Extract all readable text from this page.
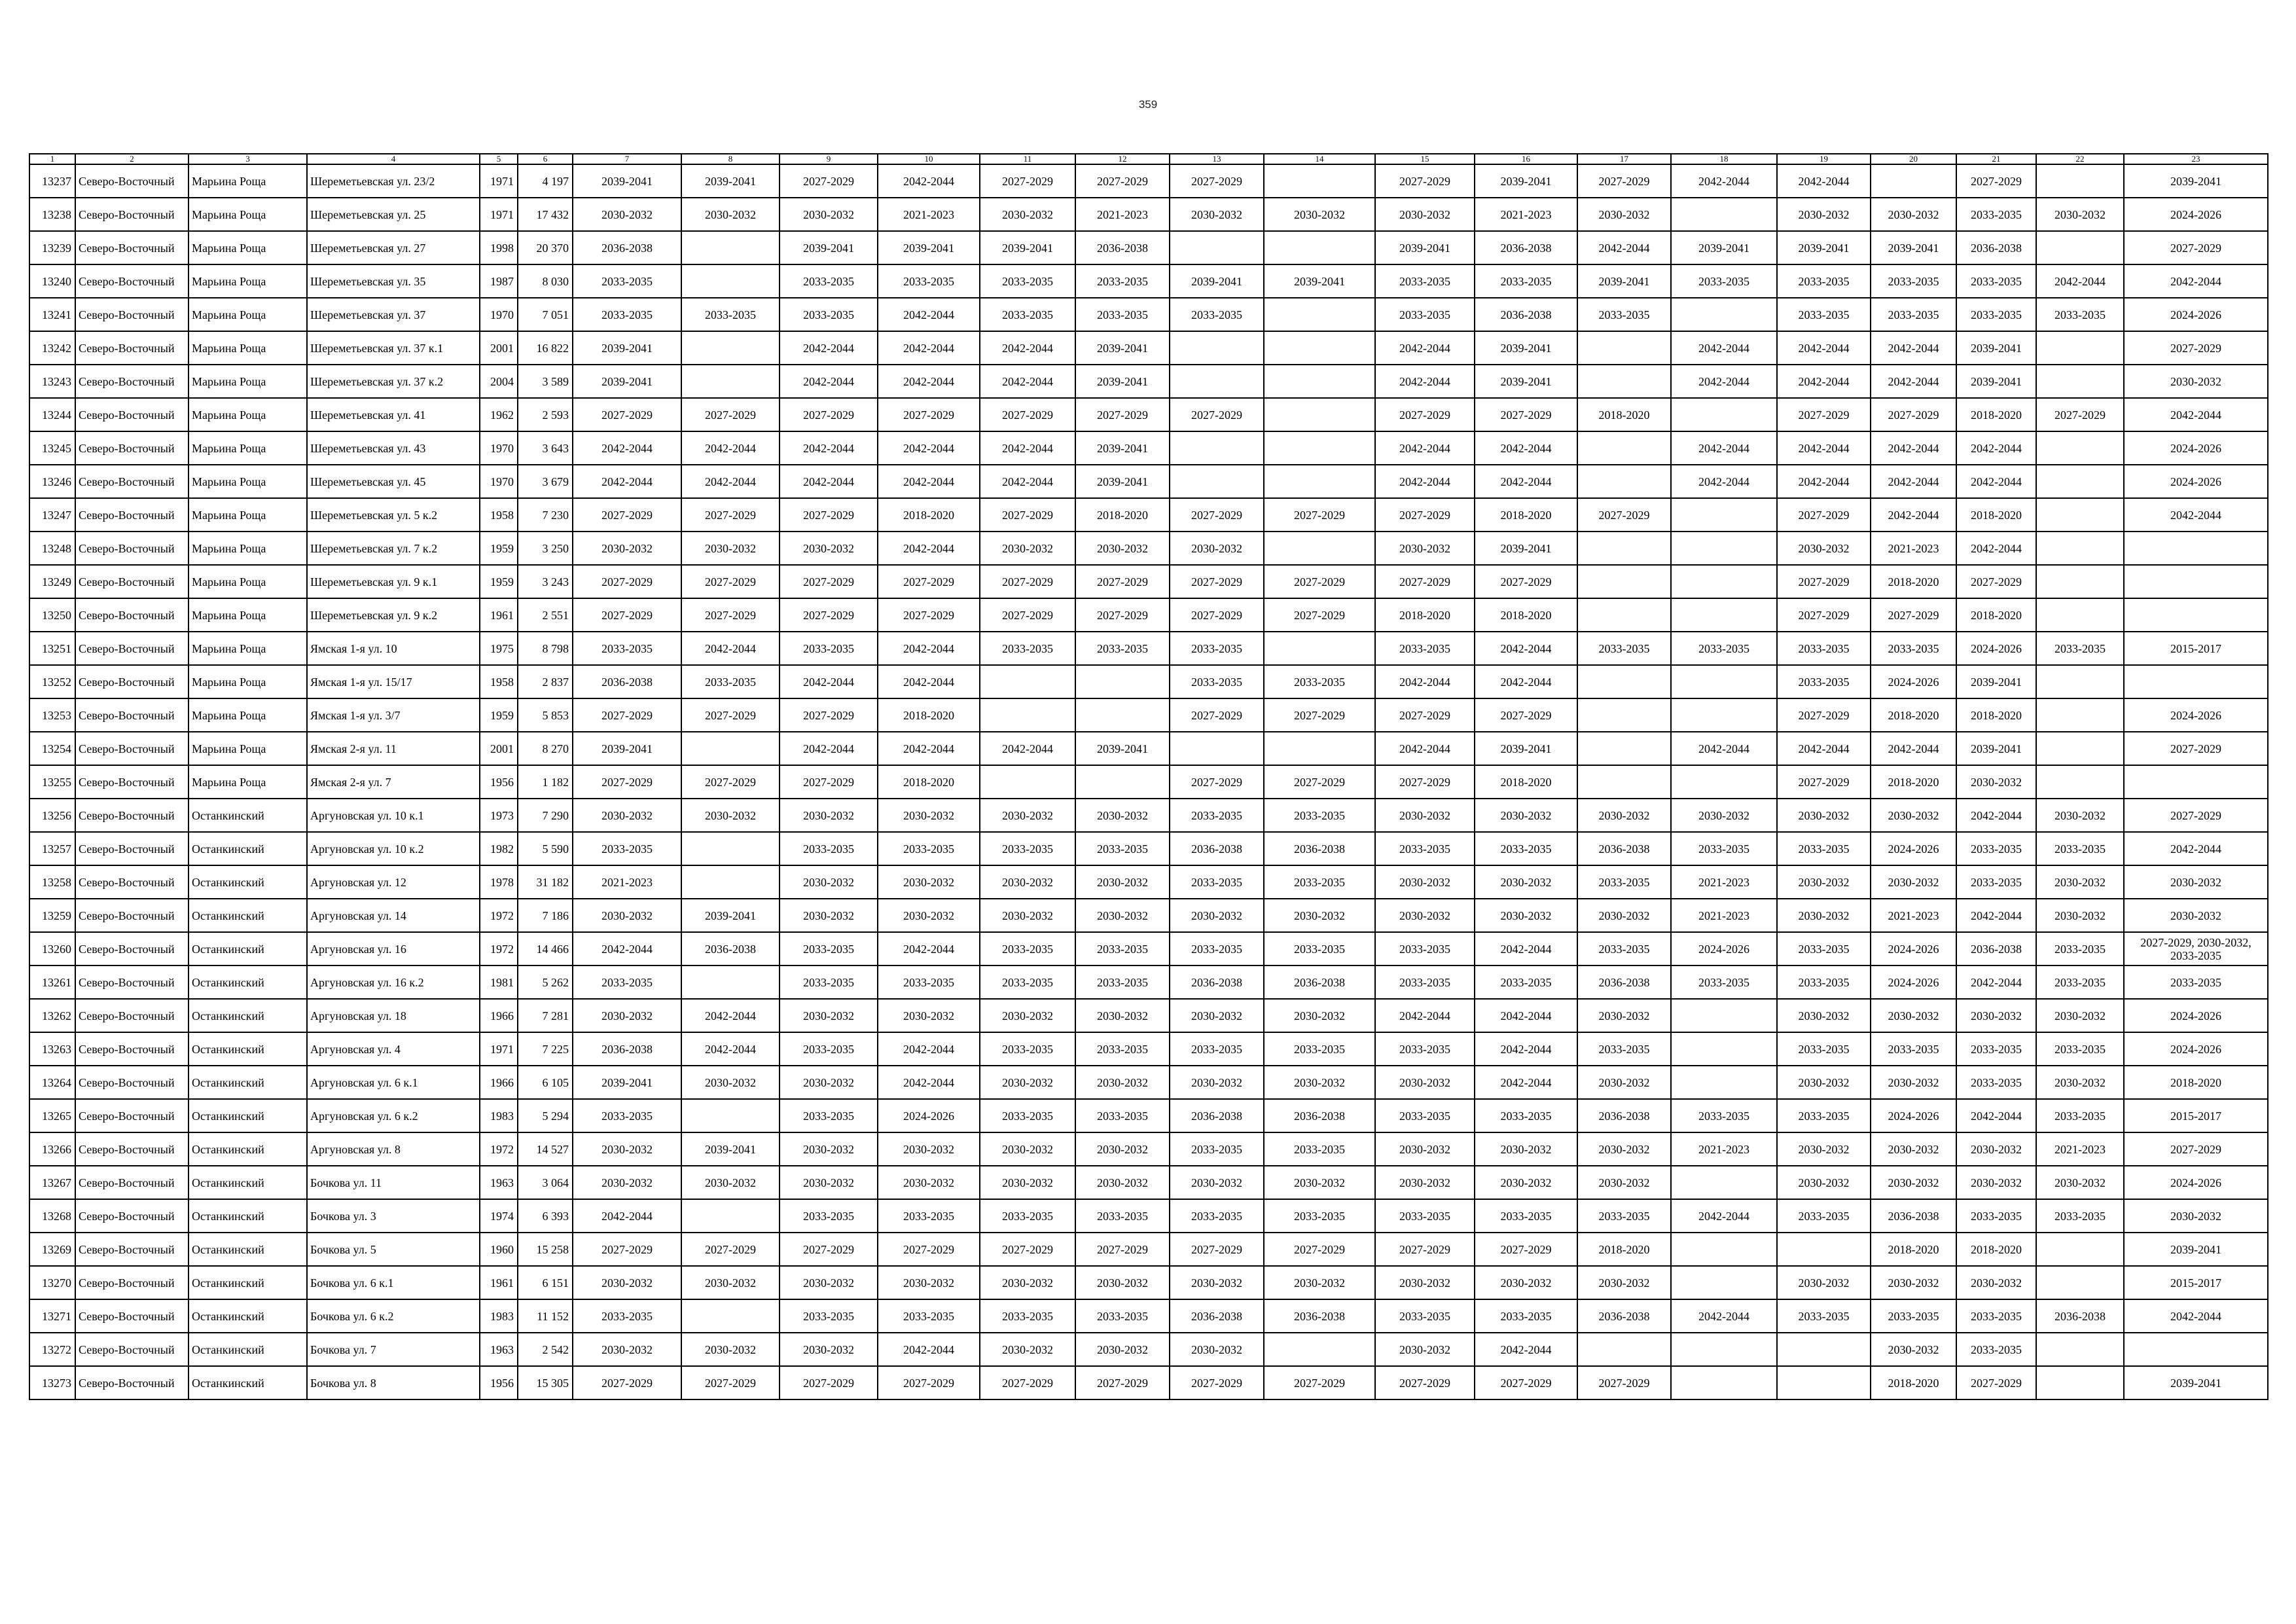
359
1	2	3	4	5	6	7	8	9	10	11	12	13	14	15	16	17	18	19	20	21	22	23
13237	Северо-Восточный	Марьина Роща	Шереметьевская ул. 23/2	1971	4 197	2039-2041	2039-2041	2027-2029	2042-2044	2027-2029	2027-2029	2027-2029		2027-2029	2039-2041	2027-2029	2042-2044	2042-2044		2027-2029		2039-2041
13238	Северо-Восточный	Марьина Роща	Шереметьевская ул. 25	1971	17 432	2030-2032	2030-2032	2030-2032	2021-2023	2030-2032	2021-2023	2030-2032	2030-2032	2030-2032	2021-2023	2030-2032		2030-2032	2030-2032	2033-2035	2030-2032	2024-2026
13239	Северо-Восточный	Марьина Роща	Шереметьевская ул. 27	1998	20 370	2036-2038		2039-2041	2039-2041	2039-2041	2036-2038			2039-2041	2036-2038	2042-2044	2039-2041	2039-2041	2039-2041	2036-2038		2027-2029
13240	Северо-Восточный	Марьина Роща	Шереметьевская ул. 35	1987	8 030	2033-2035		2033-2035	2033-2035	2033-2035	2033-2035	2039-2041	2039-2041	2033-2035	2033-2035	2039-2041	2033-2035	2033-2035	2033-2035	2033-2035	2042-2044	2042-2044
13241	Северо-Восточный	Марьина Роща	Шереметьевская ул. 37	1970	7 051	2033-2035	2033-2035	2033-2035	2042-2044	2033-2035	2033-2035	2033-2035		2033-2035	2036-2038	2033-2035		2033-2035	2033-2035	2033-2035	2033-2035	2024-2026
13242	Северо-Восточный	Марьина Роща	Шереметьевская ул. 37 к.1	2001	16 822	2039-2041		2042-2044	2042-2044	2042-2044	2039-2041			2042-2044	2039-2041		2042-2044	2042-2044	2042-2044	2039-2041		2027-2029
13243	Северо-Восточный	Марьина Роща	Шереметьевская ул. 37 к.2	2004	3 589	2039-2041		2042-2044	2042-2044	2042-2044	2039-2041			2042-2044	2039-2041		2042-2044	2042-2044	2042-2044	2039-2041		2030-2032
13244	Северо-Восточный	Марьина Роща	Шереметьевская ул. 41	1962	2 593	2027-2029	2027-2029	2027-2029	2027-2029	2027-2029	2027-2029	2027-2029		2027-2029	2027-2029	2018-2020		2027-2029	2027-2029	2018-2020	2027-2029	2042-2044
13245	Северо-Восточный	Марьина Роща	Шереметьевская ул. 43	1970	3 643	2042-2044	2042-2044	2042-2044	2042-2044	2042-2044	2039-2041			2042-2044	2042-2044		2042-2044	2042-2044	2042-2044	2042-2044		2024-2026
13246	Северо-Восточный	Марьина Роща	Шереметьевская ул. 45	1970	3 679	2042-2044	2042-2044	2042-2044	2042-2044	2042-2044	2039-2041			2042-2044	2042-2044		2042-2044	2042-2044	2042-2044	2042-2044		2024-2026
13247	Северо-Восточный	Марьина Роща	Шереметьевская ул. 5 к.2	1958	7 230	2027-2029	2027-2029	2027-2029	2018-2020	2027-2029	2018-2020	2027-2029	2027-2029	2027-2029	2018-2020	2027-2029		2027-2029	2042-2044	2018-2020		2042-2044
13248	Северо-Восточный	Марьина Роща	Шереметьевская ул. 7 к.2	1959	3 250	2030-2032	2030-2032	2030-2032	2042-2044	2030-2032	2030-2032	2030-2032		2030-2032	2039-2041			2030-2032	2021-2023	2042-2044		
13249	Северо-Восточный	Марьина Роща	Шереметьевская ул. 9 к.1	1959	3 243	2027-2029	2027-2029	2027-2029	2027-2029	2027-2029	2027-2029	2027-2029	2027-2029	2027-2029	2027-2029			2027-2029	2018-2020	2027-2029		
13250	Северо-Восточный	Марьина Роща	Шереметьевская ул. 9 к.2	1961	2 551	2027-2029	2027-2029	2027-2029	2027-2029	2027-2029	2027-2029	2027-2029	2027-2029	2018-2020	2018-2020			2027-2029	2027-2029	2018-2020		
13251	Северо-Восточный	Марьина Роща	Ямская 1-я ул. 10	1975	8 798	2033-2035	2042-2044	2033-2035	2042-2044	2033-2035	2033-2035	2033-2035		2033-2035	2042-2044	2033-2035	2033-2035	2033-2035	2033-2035	2024-2026	2033-2035	2015-2017
13252	Северо-Восточный	Марьина Роща	Ямская 1-я ул. 15/17	1958	2 837	2036-2038	2033-2035	2042-2044	2042-2044			2033-2035	2033-2035	2042-2044	2042-2044			2033-2035	2024-2026	2039-2041		
13253	Северо-Восточный	Марьина Роща	Ямская 1-я ул. 3/7	1959	5 853	2027-2029	2027-2029	2027-2029	2018-2020			2027-2029	2027-2029	2027-2029	2027-2029			2027-2029	2018-2020	2018-2020		2024-2026
13254	Северо-Восточный	Марьина Роща	Ямская 2-я ул. 11	2001	8 270	2039-2041		2042-2044	2042-2044	2042-2044	2039-2041			2042-2044	2039-2041		2042-2044	2042-2044	2042-2044	2039-2041		2027-2029
13255	Северо-Восточный	Марьина Роща	Ямская 2-я ул. 7	1956	1 182	2027-2029	2027-2029	2027-2029	2018-2020			2027-2029	2027-2029	2027-2029	2018-2020			2027-2029	2018-2020	2030-2032		
13256	Северо-Восточный	Останкинский	Аргуновская ул. 10 к.1	1973	7 290	2030-2032	2030-2032	2030-2032	2030-2032	2030-2032	2030-2032	2033-2035	2033-2035	2030-2032	2030-2032	2030-2032	2030-2032	2030-2032	2030-2032	2042-2044	2030-2032	2027-2029
13257	Северо-Восточный	Останкинский	Аргуновская ул. 10 к.2	1982	5 590	2033-2035		2033-2035	2033-2035	2033-2035	2033-2035	2036-2038	2036-2038	2033-2035	2033-2035	2036-2038	2033-2035	2033-2035	2024-2026	2033-2035	2033-2035	2042-2044
13258	Северо-Восточный	Останкинский	Аргуновская ул. 12	1978	31 182	2021-2023		2030-2032	2030-2032	2030-2032	2030-2032	2033-2035	2033-2035	2030-2032	2030-2032	2033-2035	2021-2023	2030-2032	2030-2032	2033-2035	2030-2032	2030-2032
13259	Северо-Восточный	Останкинский	Аргуновская ул. 14	1972	7 186	2030-2032	2039-2041	2030-2032	2030-2032	2030-2032	2030-2032	2030-2032	2030-2032	2030-2032	2030-2032	2030-2032	2021-2023	2030-2032	2021-2023	2042-2044	2030-2032	2030-2032
13260	Северо-Восточный	Останкинский	Аргуновская ул. 16	1972	14 466	2042-2044	2036-2038	2033-2035	2042-2044	2033-2035	2033-2035	2033-2035	2033-2035	2033-2035	2042-2044	2033-2035	2024-2026	2033-2035	2024-2026	2036-2038	2033-2035	2027-2029, 2030-2032, 2033-2035
13261	Северо-Восточный	Останкинский	Аргуновская ул. 16 к.2	1981	5 262	2033-2035		2033-2035	2033-2035	2033-2035	2033-2035	2036-2038	2036-2038	2033-2035	2033-2035	2036-2038	2033-2035	2033-2035	2024-2026	2042-2044	2033-2035	2033-2035
13262	Северо-Восточный	Останкинский	Аргуновская ул. 18	1966	7 281	2030-2032	2042-2044	2030-2032	2030-2032	2030-2032	2030-2032	2030-2032	2030-2032	2042-2044	2042-2044	2030-2032		2030-2032	2030-2032	2030-2032	2030-2032	2024-2026
13263	Северо-Восточный	Останкинский	Аргуновская ул. 4	1971	7 225	2036-2038	2042-2044	2033-2035	2042-2044	2033-2035	2033-2035	2033-2035	2033-2035	2033-2035	2042-2044	2033-2035		2033-2035	2033-2035	2033-2035	2033-2035	2024-2026
13264	Северо-Восточный	Останкинский	Аргуновская ул. 6 к.1	1966	6 105	2039-2041	2030-2032	2030-2032	2042-2044	2030-2032	2030-2032	2030-2032	2030-2032	2030-2032	2042-2044	2030-2032		2030-2032	2030-2032	2033-2035	2030-2032	2018-2020
13265	Северо-Восточный	Останкинский	Аргуновская ул. 6 к.2	1983	5 294	2033-2035		2033-2035	2024-2026	2033-2035	2033-2035	2036-2038	2036-2038	2033-2035	2033-2035	2036-2038	2033-2035	2033-2035	2024-2026	2042-2044	2033-2035	2015-2017
13266	Северо-Восточный	Останкинский	Аргуновская ул. 8	1972	14 527	2030-2032	2039-2041	2030-2032	2030-2032	2030-2032	2030-2032	2033-2035	2033-2035	2030-2032	2030-2032	2030-2032	2021-2023	2030-2032	2030-2032	2030-2032	2021-2023	2027-2029
13267	Северо-Восточный	Останкинский	Бочкова ул. 11	1963	3 064	2030-2032	2030-2032	2030-2032	2030-2032	2030-2032	2030-2032	2030-2032	2030-2032	2030-2032	2030-2032	2030-2032		2030-2032	2030-2032	2030-2032	2030-2032	2024-2026
13268	Северо-Восточный	Останкинский	Бочкова ул. 3	1974	6 393	2042-2044		2033-2035	2033-2035	2033-2035	2033-2035	2033-2035	2033-2035	2033-2035	2033-2035	2033-2035	2042-2044	2033-2035	2036-2038	2033-2035	2033-2035	2030-2032
13269	Северо-Восточный	Останкинский	Бочкова ул. 5	1960	15 258	2027-2029	2027-2029	2027-2029	2027-2029	2027-2029	2027-2029	2027-2029	2027-2029	2027-2029	2027-2029	2018-2020			2018-2020	2018-2020		2039-2041
13270	Северо-Восточный	Останкинский	Бочкова ул. 6 к.1	1961	6 151	2030-2032	2030-2032	2030-2032	2030-2032	2030-2032	2030-2032	2030-2032	2030-2032	2030-2032	2030-2032	2030-2032		2030-2032	2030-2032	2030-2032		2015-2017
13271	Северо-Восточный	Останкинский	Бочкова ул. 6 к.2	1983	11 152	2033-2035		2033-2035	2033-2035	2033-2035	2033-2035	2036-2038	2036-2038	2033-2035	2033-2035	2036-2038	2042-2044	2033-2035	2033-2035	2033-2035	2036-2038	2042-2044
13272	Северо-Восточный	Останкинский	Бочкова ул. 7	1963	2 542	2030-2032	2030-2032	2030-2032	2042-2044	2030-2032	2030-2032	2030-2032		2030-2032	2042-2044				2030-2032	2033-2035		
13273	Северо-Восточный	Останкинский	Бочкова ул. 8	1956	15 305	2027-2029	2027-2029	2027-2029	2027-2029	2027-2029	2027-2029	2027-2029	2027-2029	2027-2029	2027-2029	2027-2029			2018-2020	2027-2029		2039-2041
